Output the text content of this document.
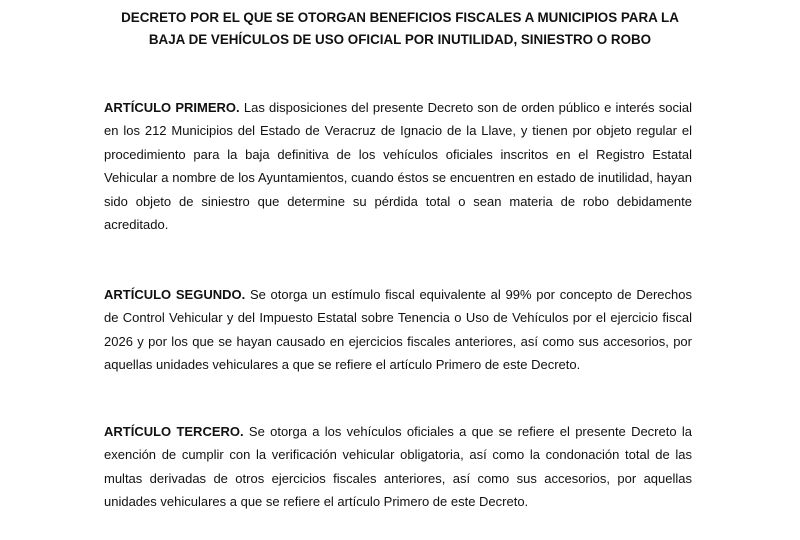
DECRETO POR EL QUE SE OTORGAN BENEFICIOS FISCALES A MUNICIPIOS PARA LA
BAJA DE VEHÍCULOS DE USO OFICIAL POR INUTILIDAD, SINIESTRO O ROBO

ARTÍCULO PRIMERO. Las disposiciones del presente Decreto son de orden público e interés social en los 212 Municipios del Estado de Veracruz de Ignacio de la Llave, y tienen por objeto regular el procedimiento para la baja definitiva de los vehículos oficiales inscritos en el Registro Estatal Vehicular a nombre de los Ayuntamientos, cuando éstos se encuentren en estado de inutilidad, hayan sido objeto de siniestro que determine su pérdida total o sean materia de robo debidamente acreditado.

ARTÍCULO SEGUNDO. Se otorga un estímulo fiscal equivalente al 99% por concepto de Derechos de Control Vehicular y del Impuesto Estatal sobre Tenencia o Uso de Vehículos por el ejercicio fiscal 2026 y por los que se hayan causado en ejercicios fiscales anteriores, así como sus accesorios, por aquellas unidades vehiculares a que se refiere el artículo Primero de este Decreto.

ARTÍCULO TERCERO. Se otorga a los vehículos oficiales a que se refiere el presente Decreto la exención de cumplir con la verificación vehicular obligatoria, así como la condonación total de las multas derivadas de otros ejercicios fiscales anteriores, así como sus accesorios, por aquellas unidades vehiculares a que se refiere el artículo Primero de este Decreto.
